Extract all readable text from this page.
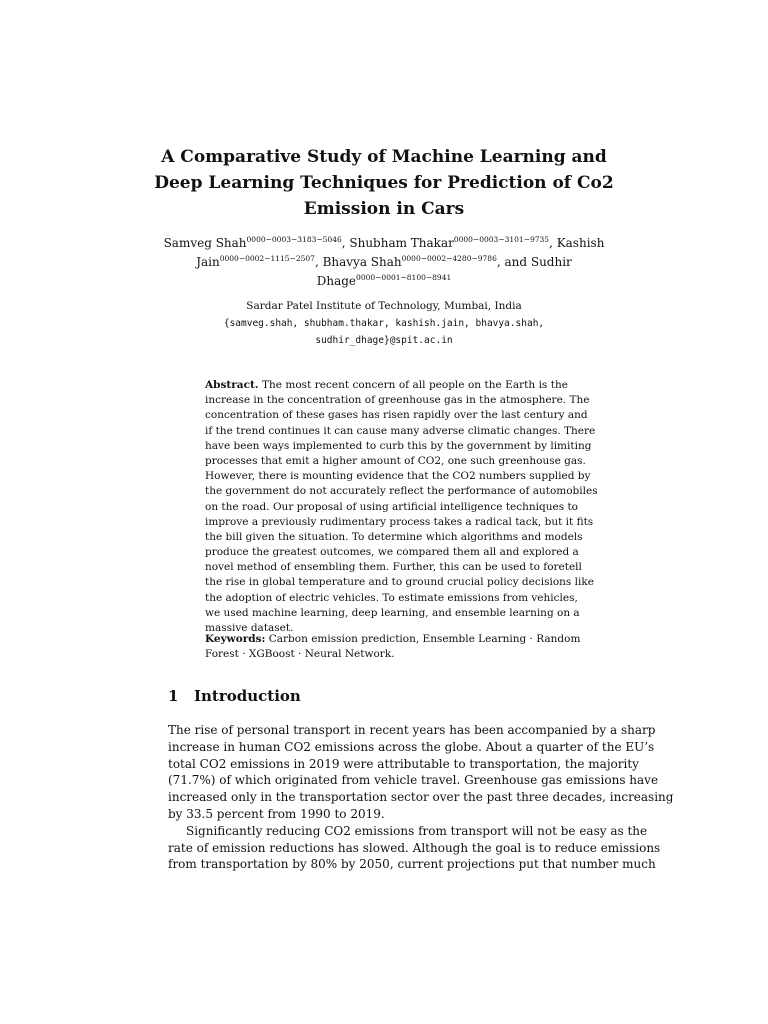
A Comparative Study of Machine Learning and
Deep Learning Techniques for Prediction of Co2
Emission in Cars
Samveg Shah$^{0000-0003-3183-5046}$, Shubham Thakar$^{0000-0003-3101-9735}$, Kashish
Jain$^{0000-0002-1115-2507}$, Bhavya Shah$^{0000-0002-4280-9786}$, and Sudhir
Dhage$^{0000-0001-8100-8941}$
Sardar Patel Institute of Technology, Mumbai, India
{samveg.shah, shubham.thakar, kashish.jain, bhavya.shah,
sudhir_dhage}@spit.ac.in
Abstract. The most recent concern of all people on the Earth is the
increase in the concentration of greenhouse gas in the atmosphere. The
concentration of these gases has risen rapidly over the last century and
if the trend continues it can cause many adverse climatic changes. There
have been ways implemented to curb this by the government by limiting
processes that emit a higher amount of CO2, one such greenhouse gas.
However, there is mounting evidence that the CO2 numbers supplied by
the government do not accurately reflect the performance of automobiles
on the road. Our proposal of using artificial intelligence techniques to
improve a previously rudimentary process takes a radical tack, but it fits
the bill given the situation. To determine which algorithms and models
produce the greatest outcomes, we compared them all and explored a
novel method of ensembling them. Further, this can be used to foretell
the rise in global temperature and to ground crucial policy decisions like
the adoption of electric vehicles. To estimate emissions from vehicles,
we used machine learning, deep learning, and ensemble learning on a
massive dataset.
Keywords: Carbon emission prediction, Ensemble Learning · Random
Forest · XGBoost · Neural Network.
1 Introduction
The rise of personal transport in recent years has been accompanied by a sharp
increase in human CO2 emissions across the globe. About a quarter of the EU’s
total CO2 emissions in 2019 were attributable to transportation, the majority
(71.7%) of which originated from vehicle travel. Greenhouse gas emissions have
increased only in the transportation sector over the past three decades, increasing
by 33.5 percent from 1990 to 2019.
Significantly reducing CO2 emissions from transport will not be easy as the
rate of emission reductions has slowed. Although the goal is to reduce emissions
from transportation by 80% by 2050, current projections put that number much
